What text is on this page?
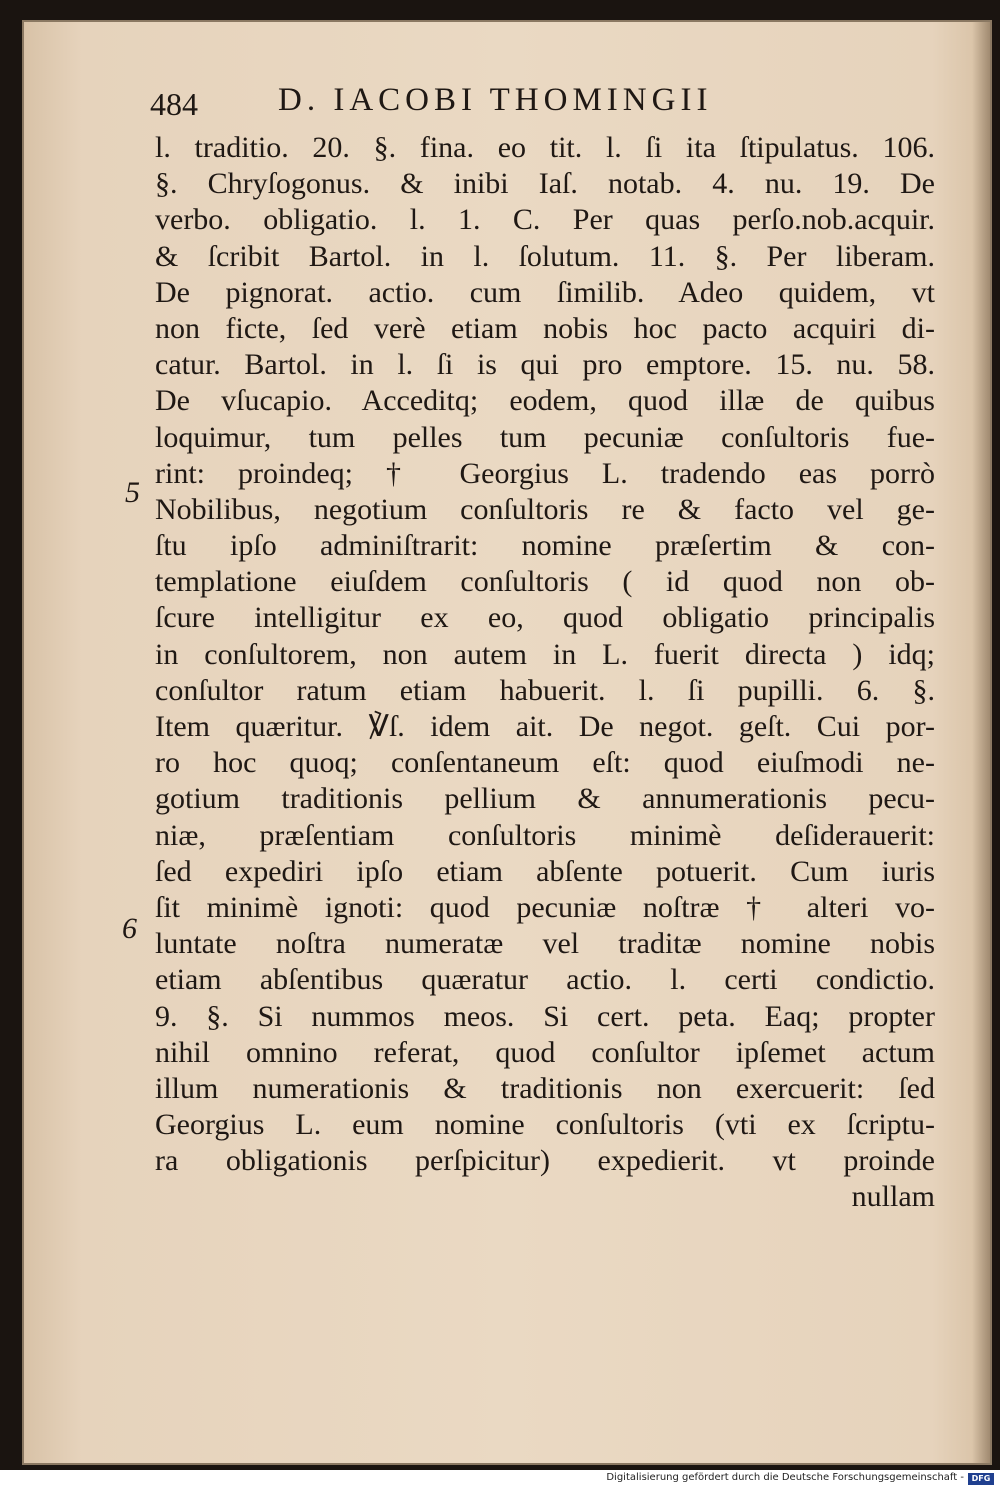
484 D. IACOBI THOMINGII
5
6
l. traditio. 20. §. fina. eo tit. l. ſi ita ſtipulatus. 106.
§. Chryſogonus. & inibi Iaſ. notab. 4. nu. 19. De
verbo. obligatio. l. 1. C. Per quas perſo.nob.acquir.
& ſcribit Bartol. in l. ſolutum. 11. §. Per liberam.
De pignorat. actio. cum ſimilib. Adeo quidem, vt
non ficte, ſed verè etiam nobis hoc pacto acquiri di-
catur. Bartol. in l. ſi is qui pro emptore. 15. nu. 58.
De vſucapio. Acceditq; eodem, quod illæ de quibus
loquimur, tum pelles tum pecuniæ conſultoris fue-
rint: proindeq; † Georgius L. tradendo eas porrò
Nobilibus, negotium conſultoris re & facto vel ge-
ſtu ipſo adminiſtrarit: nomine præſertim & con-
templatione eiuſdem conſultoris ( id quod non ob-
ſcure intelligitur ex eo, quod obligatio principalis
in conſultorem, non autem in L. fuerit directa ) idq;
conſultor ratum etiam habuerit. l. ſi pupilli. 6. §.
Item quæritur. ℣ſ. idem ait. De negot. geſt. Cui por-
ro hoc quoq; conſentaneum eſt: quod eiuſmodi ne-
gotium traditionis pellium & annumerationis pecu-
niæ, præſentiam conſultoris minimè deſiderauerit:
ſed expediri ipſo etiam abſente potuerit. Cum iuris
ſit minimè ignoti: quod pecuniæ noſtræ † alteri vo-
luntate noſtra numeratæ vel traditæ nomine nobis
etiam abſentibus quæratur actio. l. certi condictio.
9. §. Si nummos meos. Si cert. peta. Eaq; propter
nihil omnino referat, quod conſultor ipſemet actum
illum numerationis & traditionis non exercuerit: ſed
Georgius L. eum nomine conſultoris (vti ex ſcriptu-
ra obligationis perſpicitur) expedierit. vt proinde
nullam
Digitalisierung gefördert durch die Deutsche Forschungsgemeinschaft - DFG
